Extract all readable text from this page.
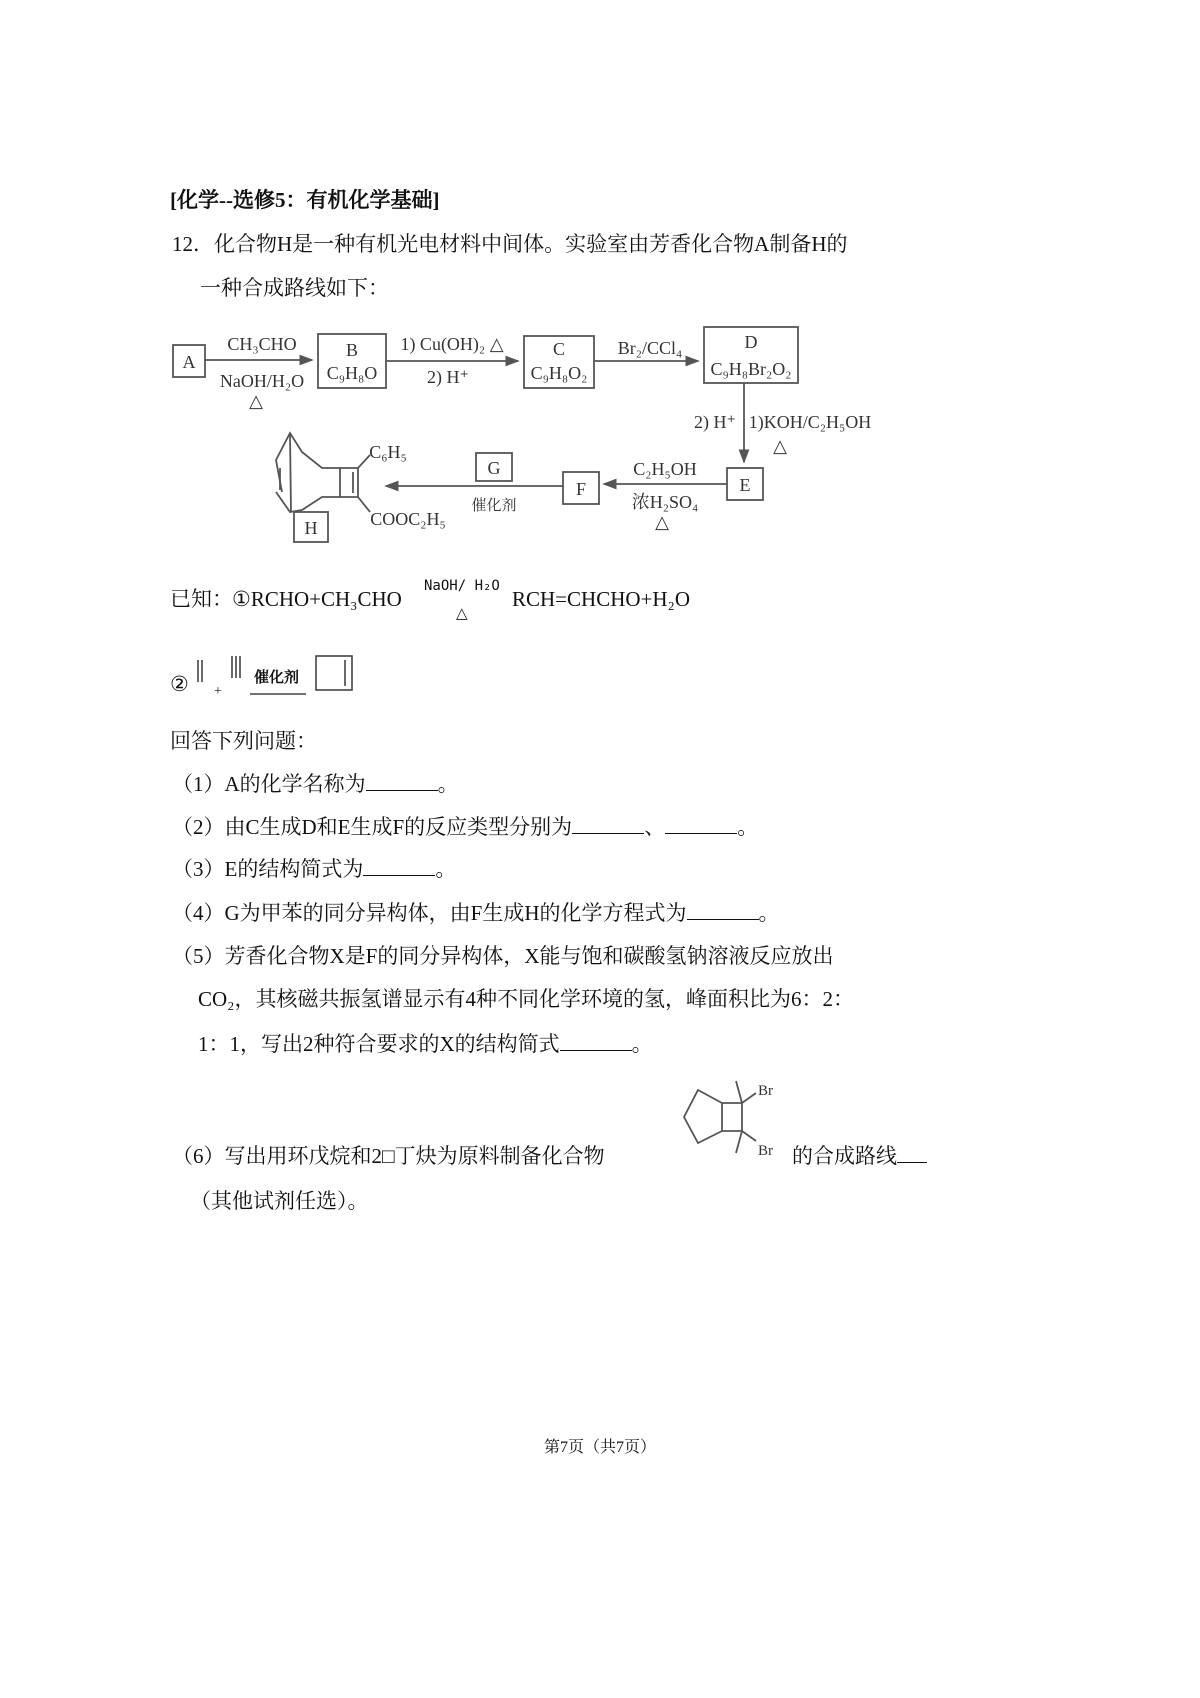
[化学--选修5：有机化学基础]
12．化合物H是一种有机光电材料中间体。实验室由芳香化合物A制备H的
一种合成路线如下：
A
B
C₉H₈O
C
C₉H₈O₂
D
C₉H₈Br₂O₂
E
F
G
H
CH₃CHO
NaOH/H₂O
△
1) Cu(OH)₂ △
2) H⁺
Br₂/CCl₄
2) H⁺ 1)KOH/C₂H₅OH
△
C₂H₅OH
浓H₂SO₄
△
催化剂
C₆H₅
COOC₂H₅
已知： ①RCHO+CH₃CHO
NaOH/ H₂O
△
RCH=CHCHO+H₂O
② +
催化剂
回答下列问题：
（1）A的化学名称为	。
（2）由C生成D和E生成F的反应类型分别为	、	。
（3）E的结构简式为	。
（4）G为甲苯的同分异构体，由F生成H的化学方程式为	。
（5）芳香化合物X是F的同分异构体，X能与饱和碳酸氢钠溶液反应放出
CO₂，其核磁共振氢谱显示有4种不同化学环境的氢，峰面积比为6：2：
1：1，写出2种符合要求的X的结构简式	。
（6）写出用环戊烷和2□丁炔为原料制备化合物
Br
Br 的合成路线
（其他试剂任选）。
第7页（共7页）
